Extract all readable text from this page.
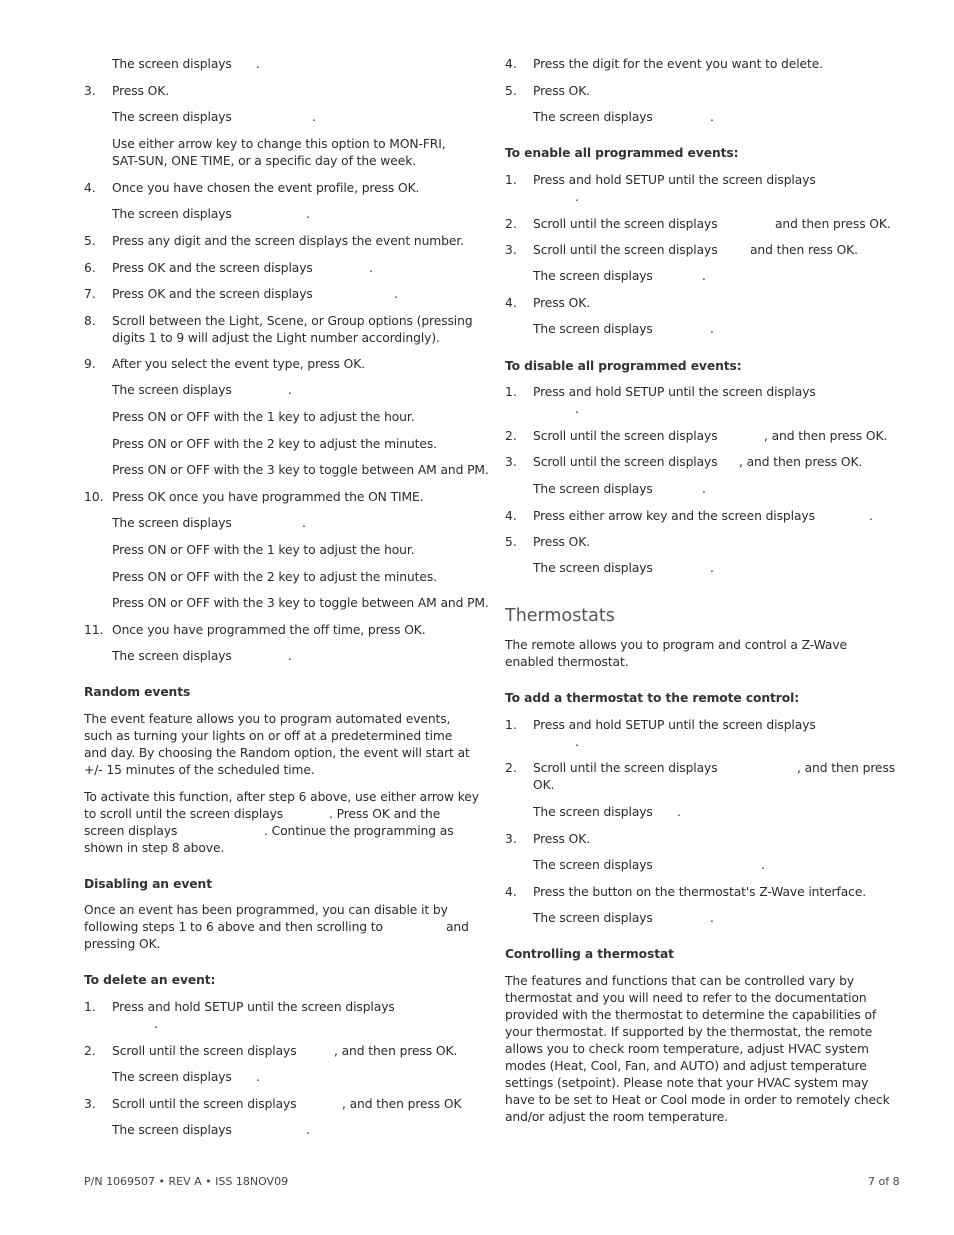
The screen displays .
3. Press OK.
The screen displays	.
Use either arrow key to change this option to MON-FRI, SAT-SUN, ONE TIME, or a specific day of the week.
4. Once you have chosen the event profile, press OK.
The screen displays	.
5. Press any digit and the screen displays the event number.
6. Press OK and the screen displays	.
7. Press OK and the screen displays	.
8. Scroll between the Light, Scene, or Group options (pressing digits 1 to 9 will adjust the Light number accordingly).
9. After you select the event type, press OK.
The screen displays	.
Press ON or OFF with the 1 key to adjust the hour.
Press ON or OFF with the 2 key to adjust the minutes.
Press ON or OFF with the 3 key to toggle between AM and PM.
10. Press OK once you have programmed the ON TIME.
The screen displays	.
Press ON or OFF with the 1 key to adjust the hour.
Press ON or OFF with the 2 key to adjust the minutes.
Press ON or OFF with the 3 key to toggle between AM and PM.
11. Once you have programmed the off time, press OK.
The screen displays	.
Random events
The event feature allows you to program automated events, such as turning your lights on or off at a predetermined time and day. By choosing the Random option, the event will start at +/- 15 minutes of the scheduled time.
To activate this function, after step 6 above, use either arrow key
to scroll until the screen displays	. Press OK and the
screen displays	. Continue the programming as
shown in step 8 above.
Disabling an event
Once an event has been programmed, you can disable it by
following steps 1 to 6 above and then scrolling to	and
pressing OK.
To delete an event:
1. Press and hold SETUP until the screen displays
.
2. Scroll until the screen displays	, and then press OK.
The screen displays .
3. Scroll until the screen displays	, and then press OK
The screen displays	.
4. Press the digit for the event you want to delete.
5. Press OK.
The screen displays	.
To enable all programmed events:
1. Press and hold SETUP until the screen displays
.
2. Scroll until the screen displays	and then press OK.
3. Scroll until the screen displays	and then ress OK.
The screen displays	.
4. Press OK.
The screen displays	.
To disable all programmed events:
1. Press and hold SETUP until the screen displays
.
2. Scroll until the screen displays	, and then press OK.
3. Scroll until the screen displays , and then press OK.
The screen displays	.
4. Press either arrow key and the screen displays	.
5. Press OK.
The screen displays	.
Thermostats
The remote allows you to program and control a Z-Wave enabled thermostat.
To add a thermostat to the remote control:
1. Press and hold SETUP until the screen displays
.
2. Scroll until the screen displays	, and then press
OK.
The screen displays .
3. Press OK.
The screen displays	.
4. Press the button on the thermostat's Z-Wave interface.
The screen displays	.
Controlling a thermostat
The features and functions that can be controlled vary by thermostat and you will need to refer to the documentation provided with the thermostat to determine the capabilities of your thermostat. If supported by the thermostat, the remote allows you to check room temperature, adjust HVAC system modes (Heat, Cool, Fan, and AUTO) and adjust temperature settings (setpoint). Please note that your HVAC system may have to be set to Heat or Cool mode in order to remotely check and/or adjust the room temperature.
P/N 1069507 • REV A • ISS 18NOV09	7 of 8
